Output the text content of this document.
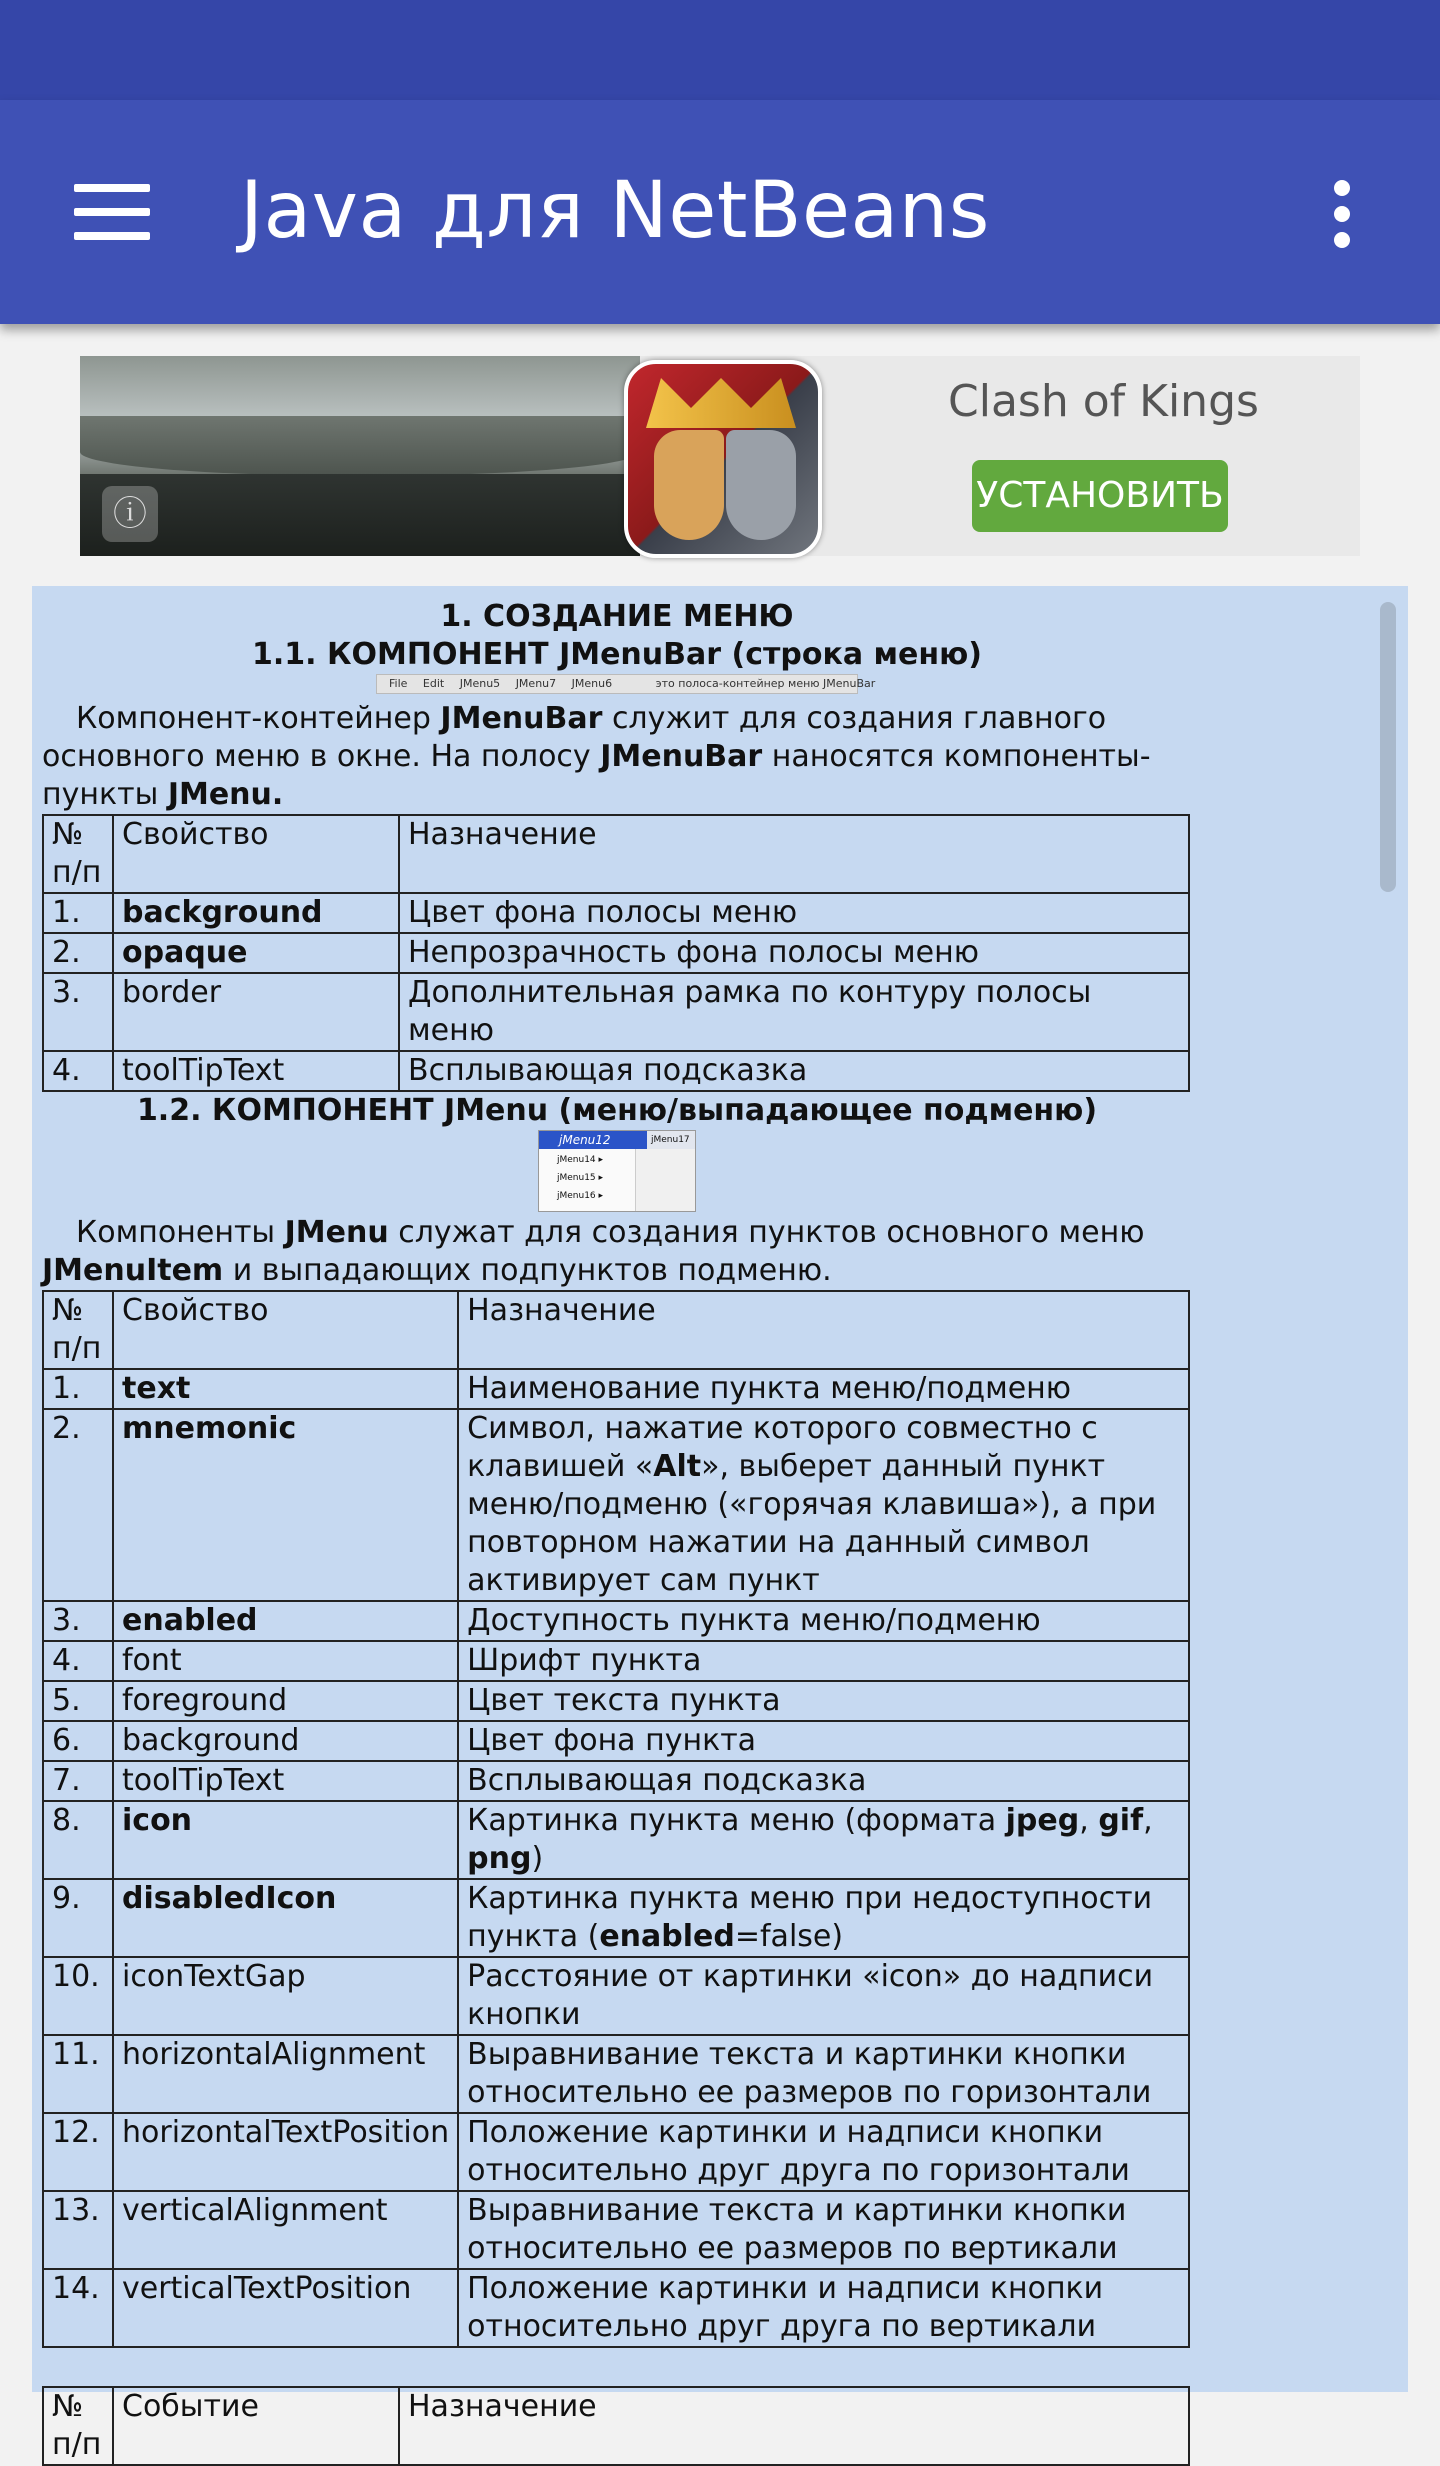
Java для NetBeans
ⓘ
Clash of Kings
УСТАНОВИТЬ
1. СОЗДАНИЕ МЕНЮ
1.1. КОМПОНЕНТ JMenuBar (строка меню)
File Edit JMenu5 JMenu7 JMenu6	это полоса-контейнер меню JMenuBar

Компонент-контейнер JMenuBar служит для создания главного основного меню в окне. На полосу JMenuBar наносятся компоненты-пункты JMenu.

№
п/п	Свойство	Назначение
1.	background	Цвет фона полосы меню
2.	opaque	Непрозрачность фона полосы меню
3.	border	Дополнительная рамка по контуру полосы меню
4.	toolTipText	Всплывающая подсказка
1.2. КОМПОНЕНТ JMenu (меню/выпадающее подменю)
jMenu12	jMenu17
jMenu14 ▸
jMenu15 ▸
jMenu16 ▸

Компоненты JMenu служат для создания пунктов основного меню JMenuItem и выпадающих подпунктов подменю.

№
п/п	Свойство	Назначение
1.	text	Наименование пункта меню/подменю
2.	mnemonic	Символ, нажатие которого совместно с клавишей «Alt», выберет данный пункт меню/подменю («горячая клавиша»), а при повторном нажатии на данный символ активирует сам пункт
3.	enabled	Доступность пункта меню/подменю
4.	font	Шрифт пункта
5.	foreground	Цвет текста пункта
6.	background	Цвет фона пункта
7.	toolTipText	Всплывающая подсказка
8.	icon	Картинка пункта меню (формата jpeg, gif, png)
9.	disabledIcon	Картинка пункта меню при недоступности пункта (enabled=false)
10.	iconTextGap	Расстояние от картинки «icon» до надписи кнопки
11.	horizontalAlignment	Выравнивание текста и картинки кнопки относительно ее размеров по горизонтали
12.	horizontalTextPosition	Положение картинки и надписи кнопки относительно друг друга по горизонтали
13.	verticalAlignment	Выравнивание текста и картинки кнопки относительно ее размеров по вертикали
14.	verticalTextPosition	Положение картинки и надписи кнопки относительно друг друга по вертикали
№
п/п	Событие	Назначение
